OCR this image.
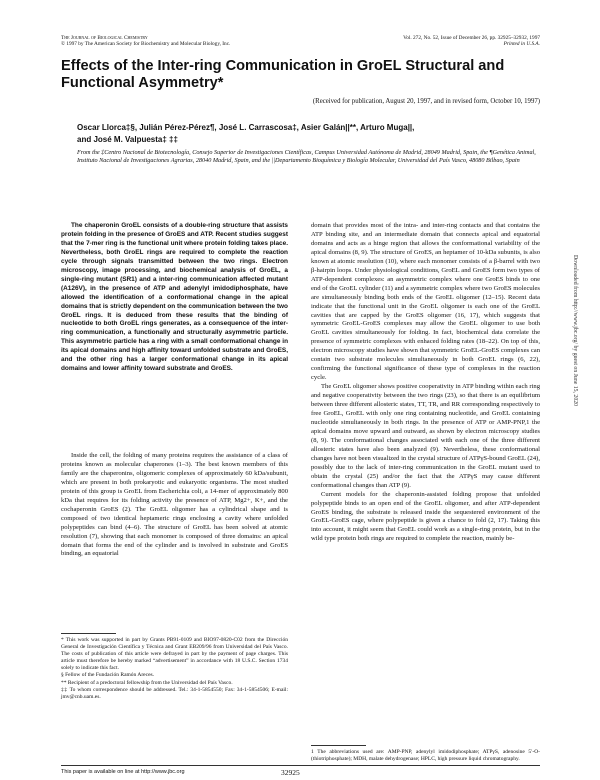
The Journal of Biological Chemistry
© 1997 by The American Society for Biochemistry and Molecular Biology, Inc.
Vol. 272, No. 52, Issue of December 26, pp. 32925–32932, 1997
Printed in U.S.A.
Effects of the Inter-ring Communication in GroEL Structural and Functional Asymmetry*
(Received for publication, August 20, 1997, and in revised form, October 10, 1997)
Oscar Llorca‡§, Julián Pérez-Pérez¶, José L. Carrascosa‡, Asier Galán||**, Arturo Muga||,
and José M. Valpuesta‡ ‡‡
From the ‡Centro Nacional de Biotecnología, Consejo Superior de Investigaciones Científicas, Campus Universidad Autónoma de Madrid, 28049 Madrid, Spain, the ¶Genética Animal, Instituto Nacional de Investigaciones Agrarias, 28040 Madrid, Spain, and the ||Departamento Bioquímica y Biología Molecular, Universidad del País Vasco, 48080 Bilbao, Spain

The chaperonin GroEL consists of a double-ring structure that assists protein folding in the presence of GroES and ATP. Recent studies suggest that the 7-mer ring is the functional unit where protein folding takes place. Nevertheless, both GroEL rings are required to complete the reaction cycle through signals transmitted between the two rings. Electron microscopy, image processing, and biochemical analysis of GroEL, a single-ring mutant (SR1) and a inter-ring communication affected mutant (A126V), in the presence of ATP and adenylyl imidodiphosphate, have allowed the identification of a conformational change in the apical domains that is strictly dependent on the communication between the two GroEL rings. It is deduced from these results that the binding of nucleotide to both GroEL rings generates, as a consequence of the inter-ring communication, a functionally and structurally asymmetric particle. This asymmetric particle has a ring with a small conformational change in its apical domains and high affinity toward unfolded substrate and GroES, and the other ring has a larger conformational change in its apical domains and lower affinity toward substrate and GroES.

Inside the cell, the folding of many proteins requires the assistance of a class of proteins known as molecular chaperones (1–3). The best known members of this family are the chaperonins, oligomeric complexes of approximately 60 kDa/subunit, which are present in both prokaryotic and eukaryotic organisms. The most studied protein of this group is GroEL from Escherichia coli, a 14-mer of approximately 800 kDa that requires for its folding activity the presence of ATP, Mg2+, K+, and the cochaperonin GroES (2). The GroEL oligomer has a cylindrical shape and is composed of two identical heptameric rings enclosing a cavity where unfolded polypeptides can bind (4–6). The structure of GroEL has been solved at atomic resolution (7), showing that each monomer is composed of three domains: an apical domain that forms the end of the cylinder and is involved in substrate and GroES binding, an equatorial

domain that provides most of the intra- and inter-ring contacts and that contains the ATP binding site, and an intermediate domain that connects apical and equatorial domains and acts as a hinge region that allows the conformational variability of the apical domains (8, 9). The structure of GroES, an heptamer of 10-kDa subunits, is also known at atomic resolution (10), where each monomer consists of a β-barrel with two β-hairpin loops. Under physiological conditions, GroEL and GroES form two types of ATP-dependent complexes: an asymmetric complex where one GroES binds to one end of the GroEL cylinder (11) and a symmetric complex where two GroES molecules are simultaneously binding both ends of the GroEL oligomer (12–15). Recent data indicate that the functional unit in the GroEL oligomer is each one of the GroEL cavities that are capped by the GroES oligomer (16, 17), which suggests that symmetric GroEL-GroES complexes may allow the GroEL oligomer to use both GroEL cavities simultaneously for folding. In fact, biochemical data correlate the presence of symmetric complexes with enhaced folding rates (18–22). On top of this, electron microscopy studies have shown that symmetric GroEL-GroES complexes can contain two substrate molecules simultaneously in both GroEL rings (6, 22), confirming the functional significance of these type of complexes in the reaction cycle.

The GroEL oligomer shows positive cooperativity in ATP binding within each ring and negative cooperativity between the two rings (23), so that there is an equilibrium between three different allosteric states, TT, TR, and RR corresponding respectively to free GroEL, GroEL with only one ring containing nucleotide, and GroEL containing nucleotide simultaneously in both rings. In the presence of ATP or AMP-PNP,1 the apical domains move upward and outward, as shown by electron microscopy studies (8, 9). The conformational changes associated with each one of the three different allosteric states have also been analyzed (9). Nevertheless, these conformational changes have not been visualized in the crystal structure of ATPγS-bound GroEL (24), possibly due to the lack of inter-ring communication in the GroEL mutant used to obtain the crystal (25) and/or the fact that the ATPγS may cause different conformational changes than ATP (9).

Current models for the chaperonin-assisted folding propose that unfolded polypeptide binds to an open end of the GroEL oligomer, and after ATP-dependent GroES binding, the substrate is released inside the sequestered environment of the GroEL-GroES cage, where polypeptide is given a chance to fold (2, 17). Taking this into account, it might seem that GroEL could work as a single-ring protein, but in the wild type protein both rings are required to complete the reaction, mainly be-

* This work was supported in part by Grants PB91-0109 and BIO97-0820-C02 from the Dirección General de Investigación Científica y Técnica and Grant EB209/96 from Universidad del País Vasco. The costs of publication of this article were defrayed in part by the payment of page charges. This article must therefore be hereby marked “advertisement” in accordance with 18 U.S.C. Section 1734 solely to indicate this fact.

§ Fellow of the Fundación Ramón Areces.

** Recipient of a predoctoral fellowship from the Universidad del País Vasco.

‡‡ To whom correspondence should be addressed. Tel.: 34-1-5854550; Fax: 34-1-5854506; E-mail: jmv@cnb.uam.es.

1 The abbreviations used are: AMP-PNP, adenylyl imidodiphosphate; ATPγS, adenosine 5′-O-(thiotriphosphate); MDH, malate dehydrogenase; HPLC, high pressure liquid chromatography.
This paper is available on line at http://www.jbc.org	32925
Downloaded from http://www.jbc.org/ by guest on June 15, 2020
